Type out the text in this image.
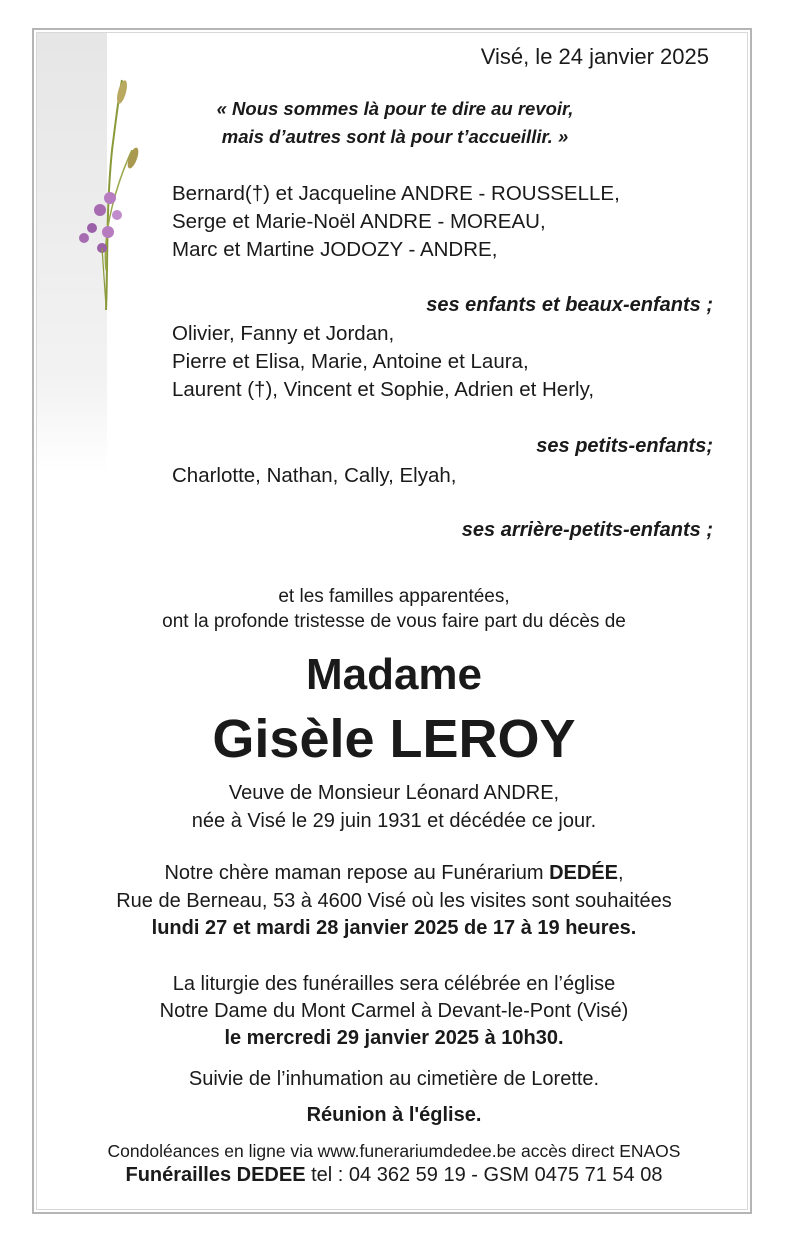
Visé, le 24 janvier 2025
« Nous sommes là pour te dire au revoir,
mais d’autres sont là pour t’accueillir. »
Bernard(†) et Jacqueline ANDRE - ROUSSELLE,
Serge et Marie-Noël ANDRE - MOREAU,
Marc et Martine JODOZY - ANDRE,
ses enfants et beaux-enfants ;
Olivier, Fanny et Jordan,
Pierre et Elisa, Marie, Antoine et Laura,
Laurent (†), Vincent et Sophie, Adrien et Herly,
ses petits-enfants;
Charlotte, Nathan, Cally, Elyah,
ses arrière-petits-enfants ;
et les familles apparentées,
ont la profonde tristesse de vous faire part du décès de
Madame
Gisèle LEROY
Veuve de Monsieur Léonard ANDRE,
née à Visé le 29 juin 1931 et décédée ce jour.
Notre chère maman repose au Funérarium DEDÉE,
Rue de Berneau, 53 à 4600 Visé où les visites sont souhaitées
lundi 27 et mardi 28 janvier 2025 de 17 à 19 heures.
La liturgie des funérailles sera célébrée en l’église
Notre Dame du Mont Carmel à Devant-le-Pont (Visé)
le mercredi 29 janvier 2025 à 10h30.
Suivie de l’inhumation au cimetière de Lorette.
Réunion à l'église.
Condoléances en ligne via www.funerariumdedee.be accès direct ENAOS
Funérailles DEDEE tel : 04 362 59 19 - GSM 0475 71 54 08
